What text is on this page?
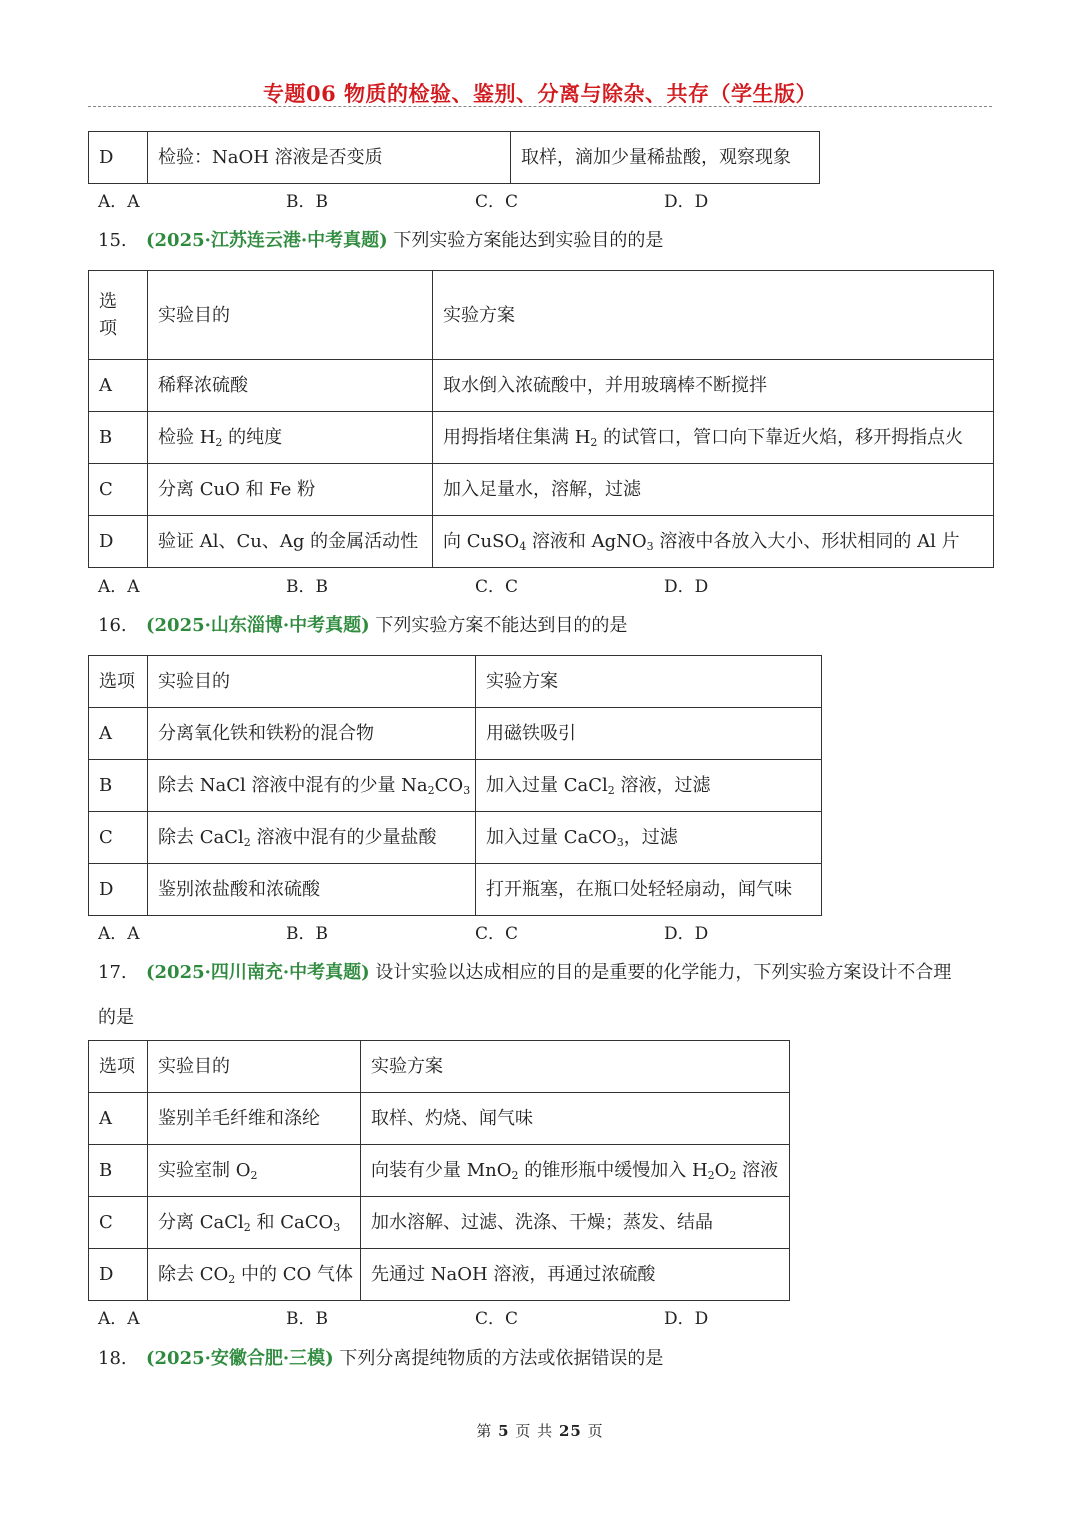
专题06 物质的检验、鉴别、分离与除杂、共存（学生版）
D	检验：NaOH 溶液是否变质	取样，滴加少量稀盐酸，观察现象
A．A	B．B	C．C	D．D
15. (2025·江苏连云港·中考真题) 下列实验方案能达到实验目的的是
选
项	实验目的	实验方案
A	稀释浓硫酸	取水倒入浓硫酸中，并用玻璃棒不断搅拌
B	检验 $H_2$ 的纯度	用拇指堵住集满 $H_2$ 的试管口，管口向下靠近火焰，移开拇指点火
C	分离 CuO 和 Fe 粉	加入足量水，溶解，过滤
D	验证 Al、Cu、Ag 的金属活动性	向 CuSO$_4$ 溶液和 AgNO$_3$ 溶液中各放入大小、形状相同的 Al 片
A．A	B．B	C．C	D．D
16. (2025·山东淄博·中考真题) 下列实验方案不能达到目的的是
选项	实验目的	实验方案
A	分离氧化铁和铁粉的混合物	用磁铁吸引
B	除去 NaCl 溶液中混有的少量 $Na_2CO_3$	加入过量 CaCl$_2$ 溶液，过滤
C	除去 CaCl$_2$ 溶液中混有的少量盐酸	加入过量 CaCO$_3$，过滤
D	鉴别浓盐酸和浓硫酸	打开瓶塞，在瓶口处轻轻扇动，闻气味
A．A	B．B	C．C	D．D
17. (2025·四川南充·中考真题) 设计实验以达成相应的目的是重要的化学能力，下列实验方案设计不合理
的是
选项	实验目的	实验方案
A	鉴别羊毛纤维和涤纶	取样、灼烧、闻气味
B	实验室制 $O_2$	向装有少量 MnO$_2$ 的锥形瓶中缓慢加入 $H_2O_2$ 溶液
C	分离 CaCl$_2$ 和 CaCO$_3$	加水溶解、过滤、洗涤、干燥；蒸发、结晶
D	除去 $CO_2$ 中的 CO 气体	先通过 NaOH 溶液，再通过浓硫酸
A．A	B．B	C．C	D．D
18. (2025·安徽合肥·三模) 下列分离提纯物质的方法或依据错误的是
第 5 页 共 25 页
